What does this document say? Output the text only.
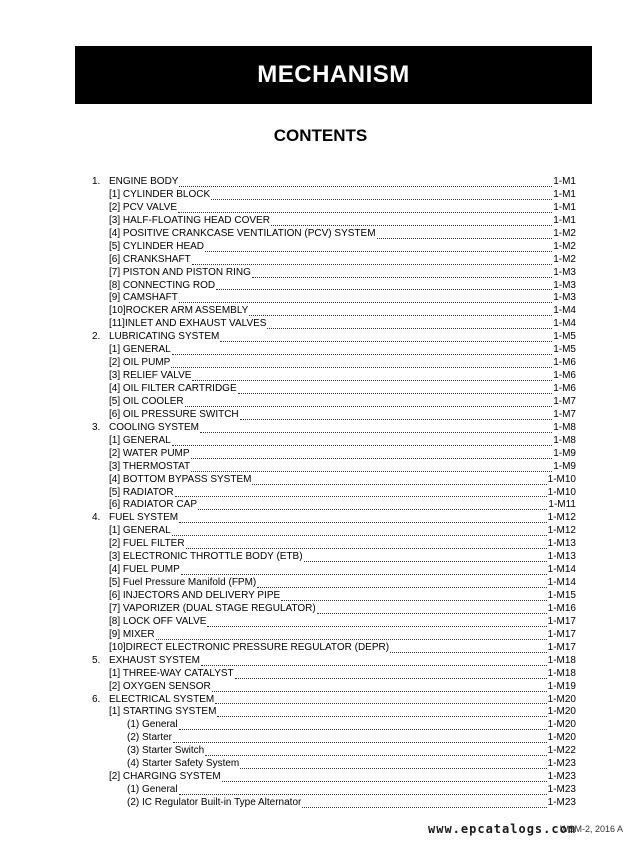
MECHANISM
CONTENTS
1. ENGINE BODY	1-M1
[1] CYLINDER BLOCK	1-M1
[2] PCV VALVE	1-M1
[3] HALF-FLOATING HEAD COVER	1-M1
[4] POSITIVE CRANKCASE VENTILATION (PCV) SYSTEM	1-M2
[5] CYLINDER HEAD	1-M2
[6] CRANKSHAFT	1-M2
[7] PISTON AND PISTON RING	1-M3
[8] CONNECTING ROD	1-M3
[9] CAMSHAFT	1-M3
[10]ROCKER ARM ASSEMBLY	1-M4
[11]INLET AND EXHAUST VALVES	1-M4
2. LUBRICATING SYSTEM	1-M5
[1] GENERAL	1-M5
[2] OIL PUMP	1-M6
[3] RELIEF VALVE	1-M6
[4] OIL FILTER CARTRIDGE	1-M6
[5] OIL COOLER	1-M7
[6] OIL PRESSURE SWITCH	1-M7
3. COOLING SYSTEM	1-M8
[1] GENERAL	1-M8
[2] WATER PUMP	1-M9
[3] THERMOSTAT	1-M9
[4] BOTTOM BYPASS SYSTEM	1-M10
[5] RADIATOR	1-M10
[6] RADIATOR CAP	1-M11
4. FUEL SYSTEM	1-M12
[1] GENERAL	1-M12
[2] FUEL FILTER	1-M13
[3] ELECTRONIC THROTTLE BODY (ETB)	1-M13
[4] FUEL PUMP	1-M14
[5] Fuel Pressure Manifold (FPM)	1-M14
[6] INJECTORS AND DELIVERY PIPE	1-M15
[7] VAPORIZER (DUAL STAGE REGULATOR)	1-M16
[8] LOCK OFF VALVE	1-M17
[9] MIXER	1-M17
[10]DIRECT ELECTRONIC PRESSURE REGULATOR (DEPR)	1-M17
5. EXHAUST SYSTEM	1-M18
[1] THREE-WAY CATALYST	1-M18
[2] OXYGEN SENSOR	1-M19
6. ELECTRICAL SYSTEM	1-M20
[1] STARTING SYSTEM	1-M20
(1) General	1-M20
(2) Starter	1-M20
(3) Starter Switch	1-M22
(4) Starter Safety System	1-M23
[2] CHARGING SYSTEM	1-M23
(1) General	1-M23
(2) IC Regulator Built-in Type Alternator	1-M23
WSM-2, 2016 A
www.epcatalogs.com
